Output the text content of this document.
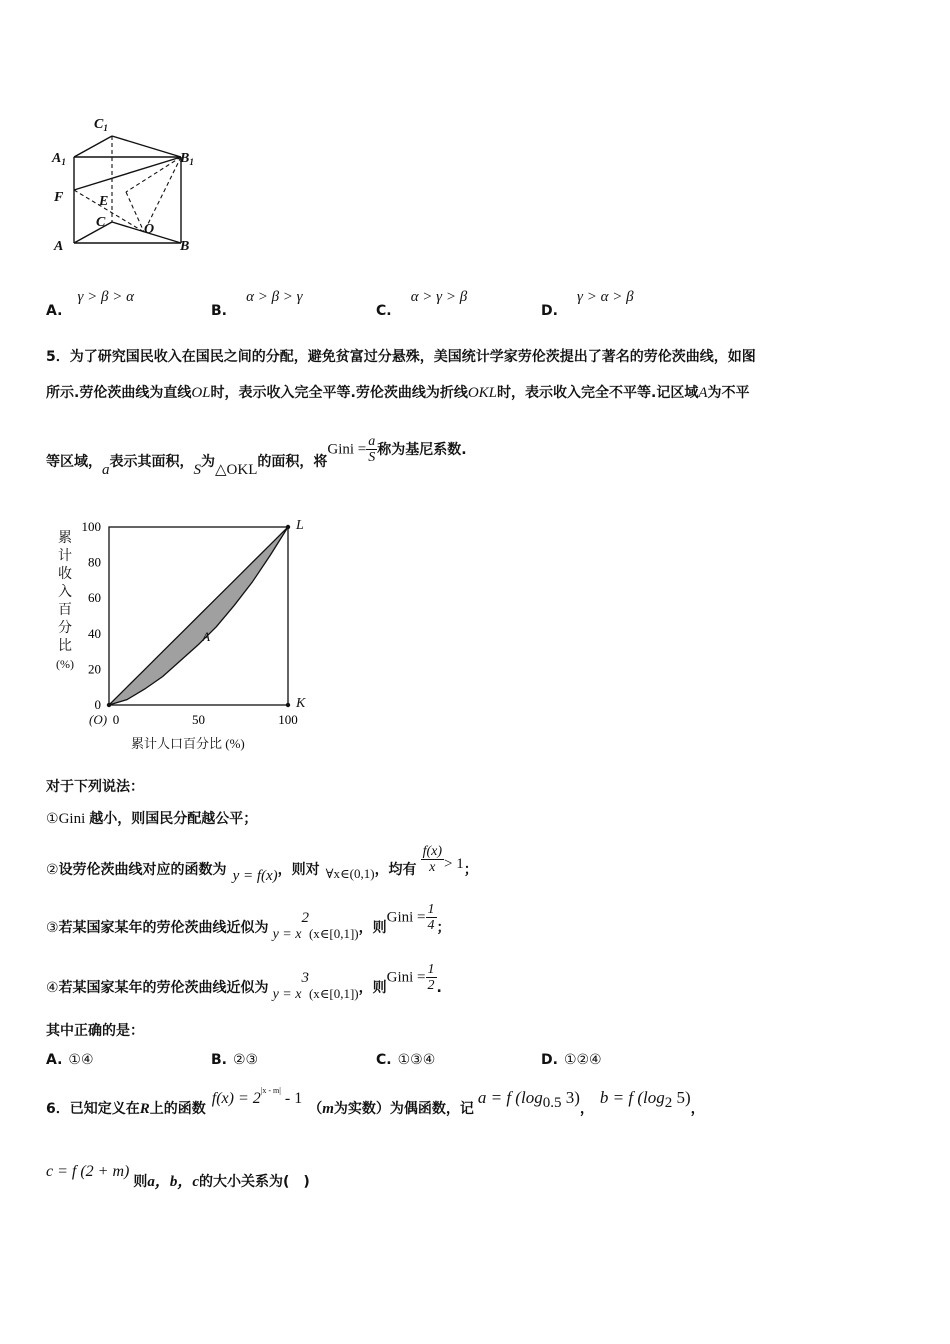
$C_1$
$A_1$	$B_1$
F	E
C	O
A	B
A. γ > β > α
B. α > β > γ
C. α > γ > β
D. γ > α > β
5．为了研究国民收入在国民之间的分配，避免贫富过分悬殊，美国统计学家劳伦茨提出了著名的劳伦茨曲线，如图
所示.劳伦茨曲线为直线OL时，表示收入完全平等.劳伦茨曲线为折线OKL时，表示收入完全不平等.记区域A为不平
等区域，a表示其面积，S为△OKL的面积，将Gini = $\frac{a}{S}$ 称为基尼系数.
累计收入百分比(%)
100
80
60
40
20
0
0	50	100
(O)
L
K
A
累计人口百分比 (%)
对于下列说法：
①Gini 越小，则国民分配越公平；
②设劳伦茨曲线对应的函数为 y = f(x)，则对 ∀x∈(0,1)，均有 $\frac{f(x)}{x} > 1$；
③若某国家某年的劳伦茨曲线近似为 $y = x^2(x\in[0,1])$，则Gini = $\frac{1}{4}$ ；
④若某国家某年的劳伦茨曲线近似为 $y = x^3(x\in[0,1])$，则Gini = $\frac{1}{2}$ .
其中正确的是：
A. ①④	B. ②③	C. ①③④	D. ①②④
6．已知定义在R上的函数$f(x) = 2^{|x - m|} - 1(m$为实数）为偶函数，记a = f ($\log_{0.5}$ 3)，b = f ($\log_2$ 5)，
c = f (2 + m)则a，b，c的大小关系为(　)
